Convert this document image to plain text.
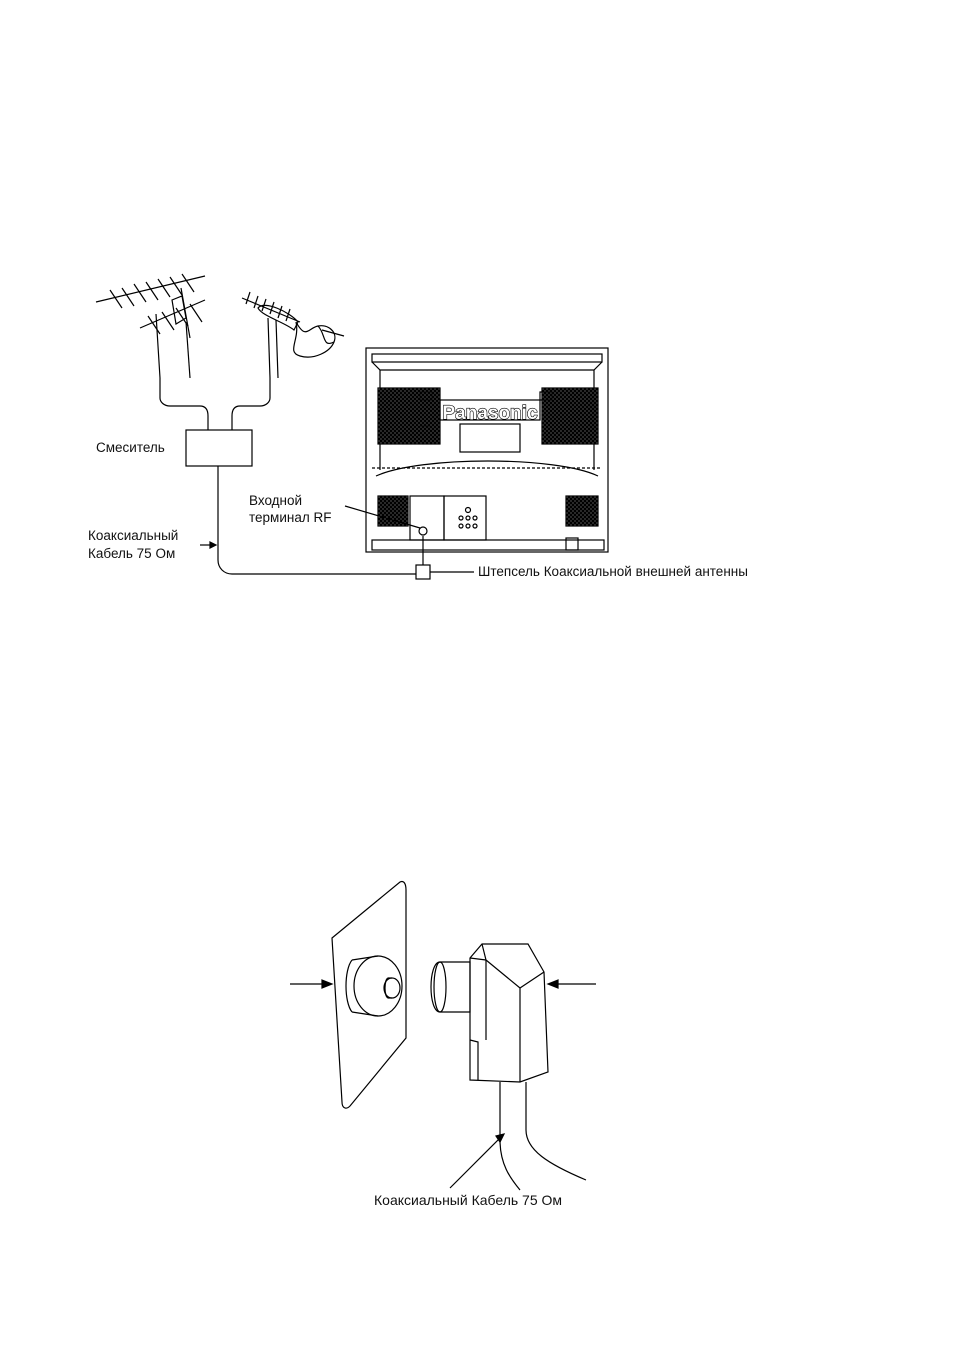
Panasonic
Смеситель
Входной
терминал RF
Коаксиальный
Кабель 75 Ом
Штепсель Коаксиальной внешней антенны
Коаксиальный Кабель 75 Ом
